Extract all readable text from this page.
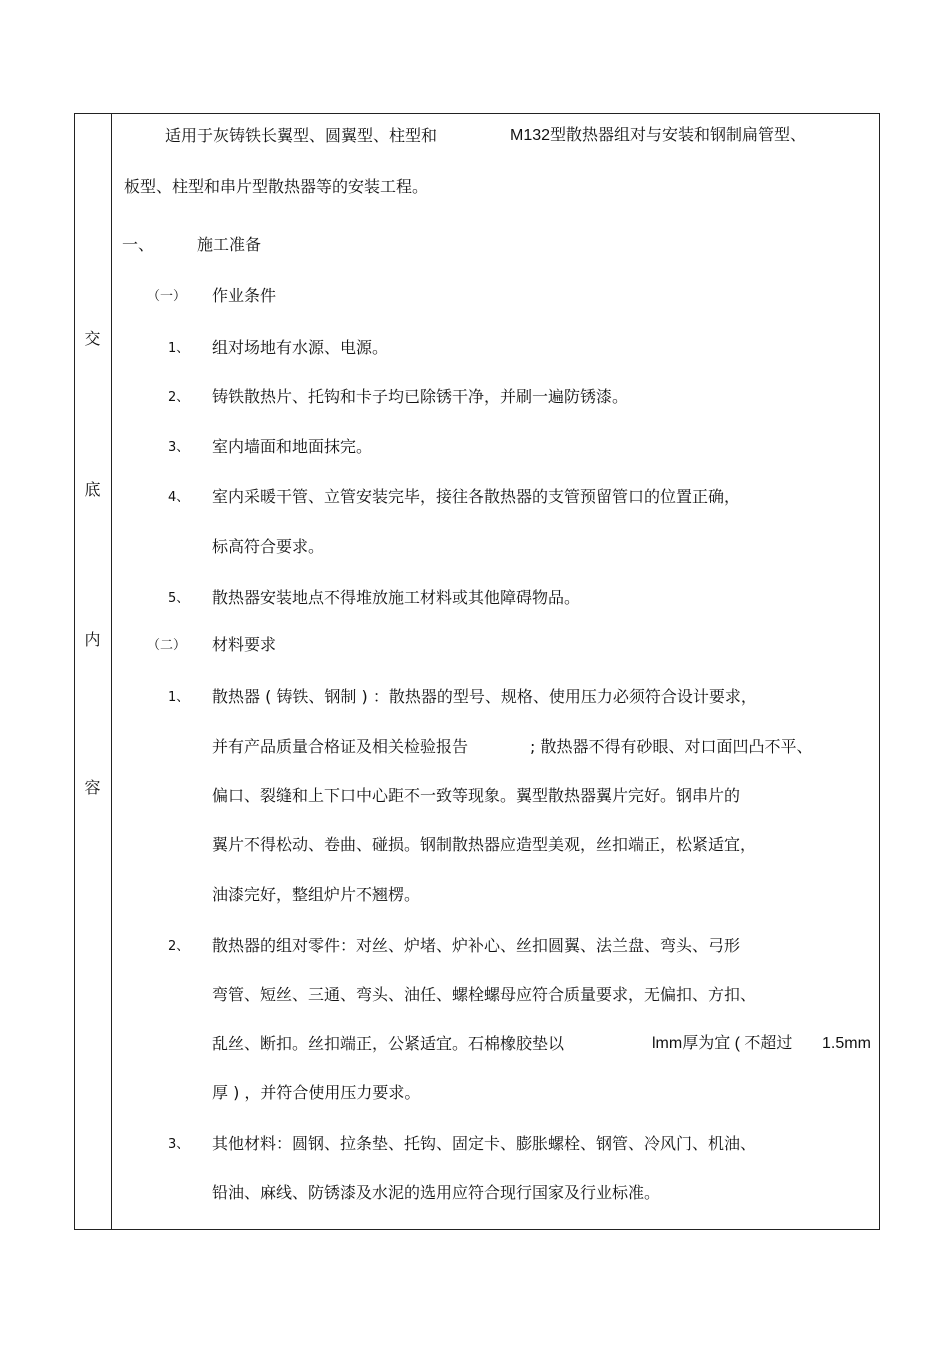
交
底
内
容
适用于灰铸铁长翼型、圆翼型、柱型和	M132型散热器组对与安装和钢制扁管型、
板型、柱型和串片型散热器等的安装工程。
一、	施工准备
（一） 作业条件
1、 组对场地有水源、电源。
2、 铸铁散热片、托钩和卡子均已除锈干净，并刷一遍防锈漆。
3、 室内墙面和地面抹完。
4、 室内采暖干管、立管安装完毕，接往各散热器的支管预留管口的位置正确，
标高符合要求。
5、 散热器安装地点不得堆放施工材料或其他障碍物品。
（二） 材料要求
1、 散热器 ( 铸铁、钢制 ) ：散热器的型号、规格、使用压力必须符合设计要求，
并有产品质量合格证及相关检验报告	; 散热器不得有砂眼、对口面凹凸不平、
偏口、裂缝和上下口中心距不一致等现象。翼型散热器翼片完好。钢串片的
翼片不得松动、卷曲、碰损。钢制散热器应造型美观，丝扣端正，松紧适宜，
油漆完好，整组炉片不翘楞。
2、 散热器的组对零件：对丝、炉堵、炉补心、丝扣圆翼、法兰盘、弯头、弓形
弯管、短丝、三通、弯头、油任、螺栓螺母应符合质量要求，无偏扣、方扣、
乱丝、断扣。丝扣端正，公紧适宜。石棉橡胶垫以	lmm厚为宜 ( 不超过 1.5mm
厚 ) ，并符合使用压力要求。
3、 其他材料：圆钢、拉条垫、托钩、固定卡、膨胀螺栓、钢管、冷风门、机油、
铅油、麻线、防锈漆及水泥的选用应符合现行国家及行业标准。
